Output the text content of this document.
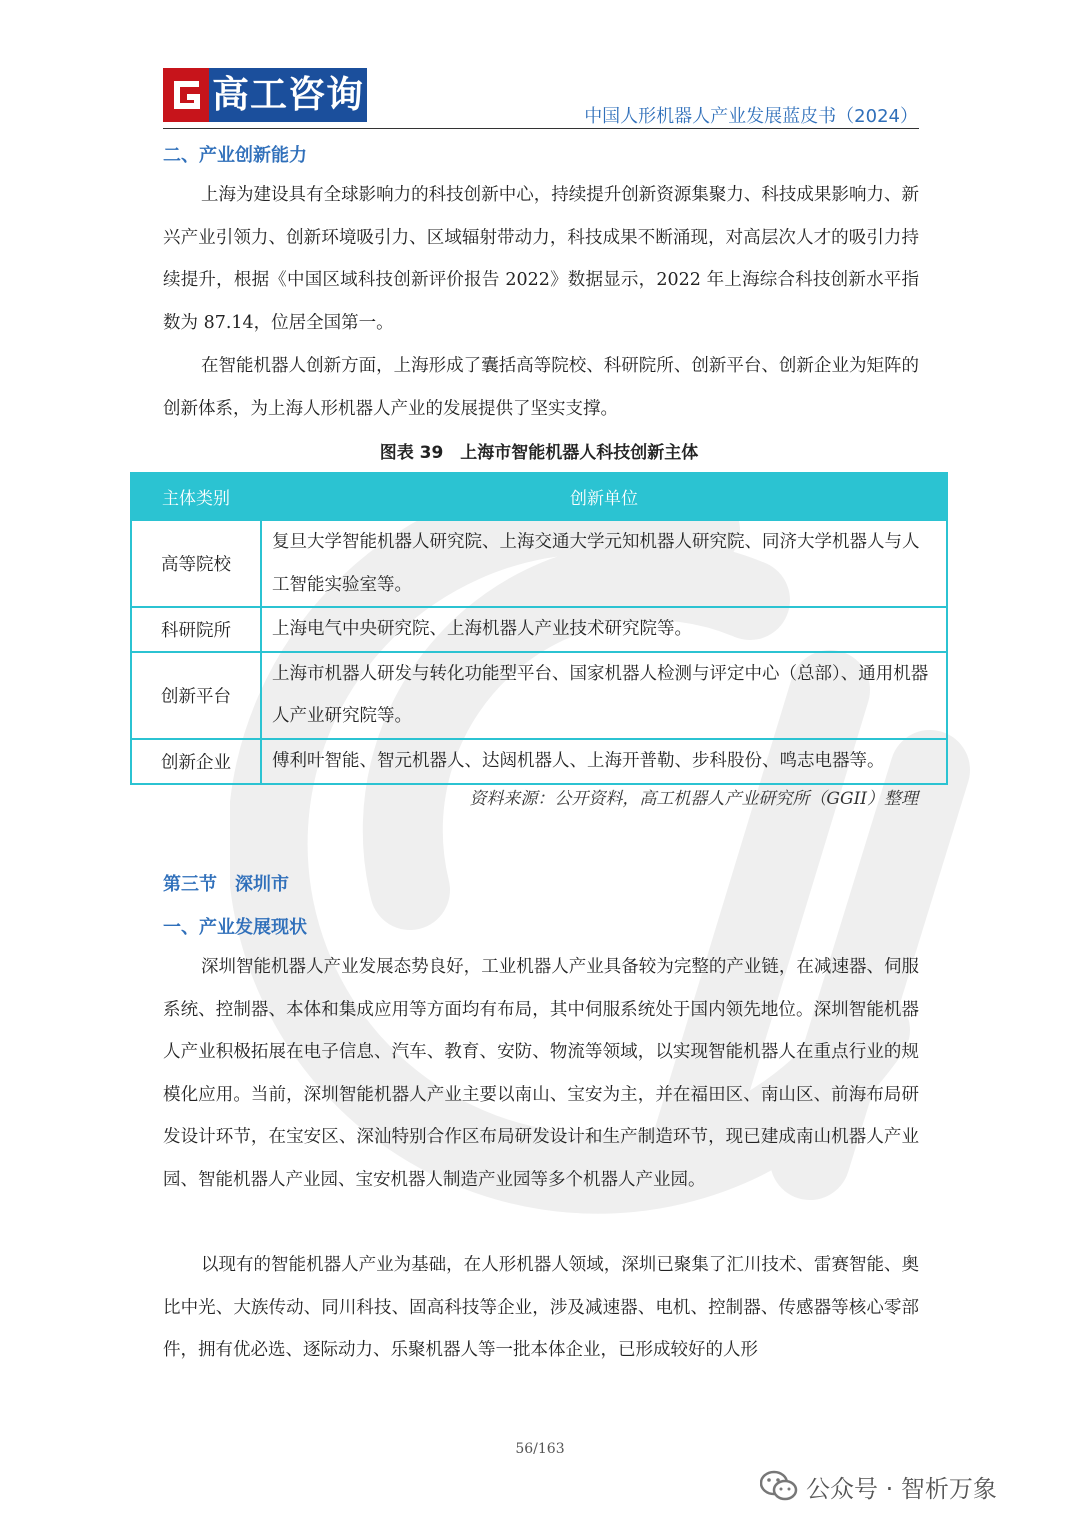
高工咨询
中国人形机器人产业发展蓝皮书（2024）
二、产业创新能力

上海为建设具有全球影响力的科技创新中心，持续提升创新资源集聚力、科技成果影响力、新兴产业引领力、创新环境吸引力、区域辐射带动力，科技成果不断涌现，对高层次人才的吸引力持续提升，根据《中国区域科技创新评价报告 2022》数据显示，2022 年上海综合科技创新水平指数为 87.14，位居全国第一。

在智能机器人创新方面，上海形成了囊括高等院校、科研院所、创新平台、创新企业为矩阵的创新体系，为上海人形机器人产业的发展提供了坚实支撑。

图表 39　上海市智能机器人科技创新主体
主体类别	创新单位
高等院校	复旦大学智能机器人研究院、上海交通大学元知机器人研究院、同济大学机器人与人工智能实验室等。
科研院所	上海电气中央研究院、上海机器人产业技术研究院等。
创新平台	上海市机器人研发与转化功能型平台、国家机器人检测与评定中心（总部）、通用机器人产业研究院等。
创新企业	傅利叶智能、智元机器人、达闼机器人、上海开普勒、步科股份、鸣志电器等。
资料来源：公开资料，高工机器人产业研究所（GGII）整理
第三节　深圳市
一、产业发展现状

深圳智能机器人产业发展态势良好，工业机器人产业具备较为完整的产业链，在减速器、伺服系统、控制器、本体和集成应用等方面均有布局，其中伺服系统处于国内领先地位。深圳智能机器人产业积极拓展在电子信息、汽车、教育、安防、物流等领域，以实现智能机器人在重点行业的规模化应用。当前，深圳智能机器人产业主要以南山、宝安为主，并在福田区、南山区、前海布局研发设计环节，在宝安区、深汕特别合作区布局研发设计和生产制造环节，现已建成南山机器人产业园、智能机器人产业园、宝安机器人制造产业园等多个机器人产业园。

以现有的智能机器人产业为基础，在人形机器人领域，深圳已聚集了汇川技术、雷赛智能、奥比中光、大族传动、同川科技、固高科技等企业，涉及减速器、电机、控制器、传感器等核心零部件，拥有优必选、逐际动力、乐聚机器人等一批本体企业，已形成较好的人形

56/163
公众号 · 智析万象
